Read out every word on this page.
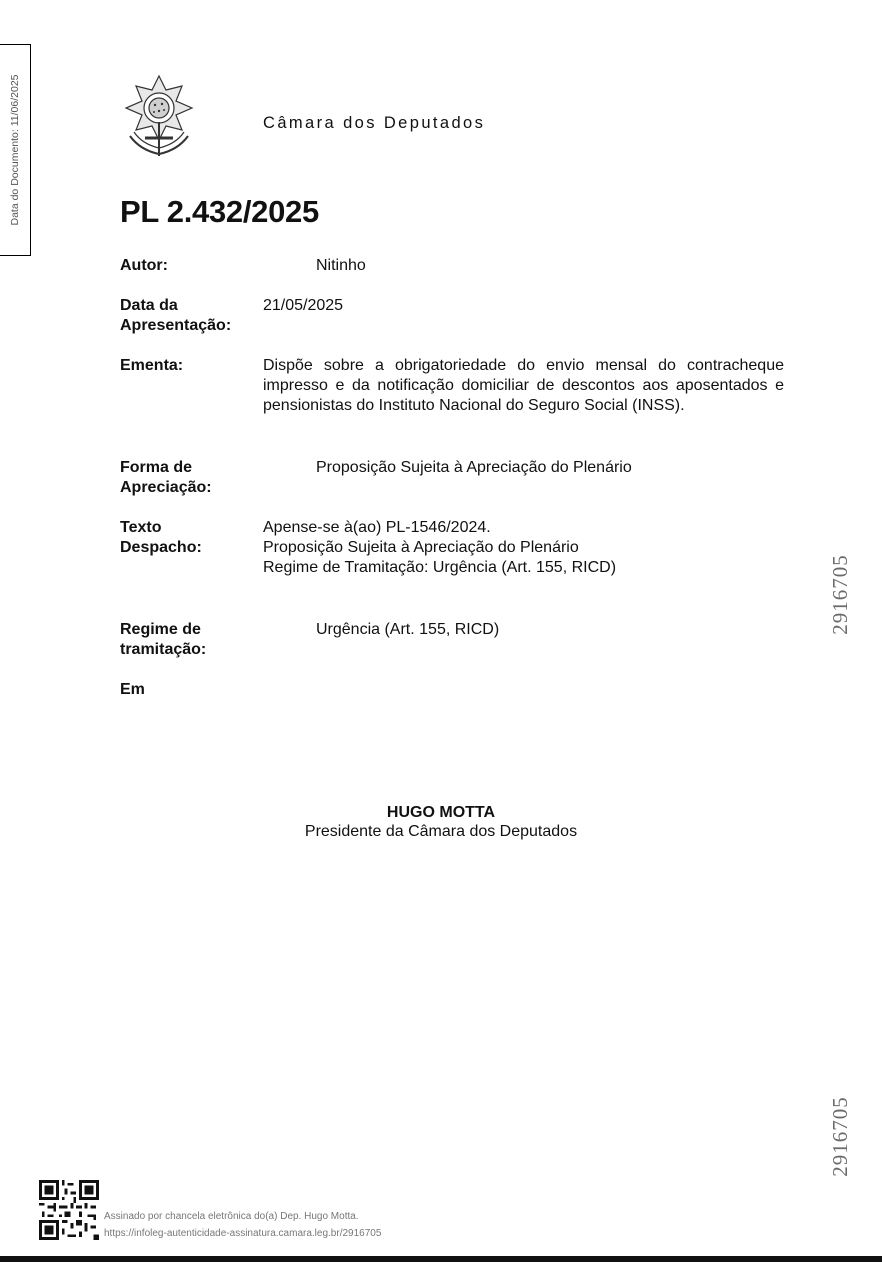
Data do Documento: 11/06/2025	Câmara dos Deputados
PL 2.432/2025
Autor:	Nitinho
Data da
Apresentação:
21/05/2025
Ementa:	Dispõe sobre a obrigatoriedade do envio mensal do contracheque impresso e da notificação domiciliar de descontos aos aposentados e pensionistas do Instituto Nacional do Seguro Social (INSS).
Forma de
Apreciação:
Proposição Sujeita à Apreciação do Plenário
Texto
Despacho:
Apense-se à(ao) PL-1546/2024.
Proposição Sujeita à Apreciação do Plenário
Regime de Tramitação: Urgência (Art. 155, RICD)
Regime de
tramitação:
Urgência (Art. 155, RICD)
Em
2916705
2916705
HUGO MOTTA
Presidente da Câmara dos Deputados
Assinado por chancela eletrônica do(a) Dep. Hugo Motta.
https://infoleg-autenticidade-assinatura.camara.leg.br/2916705
